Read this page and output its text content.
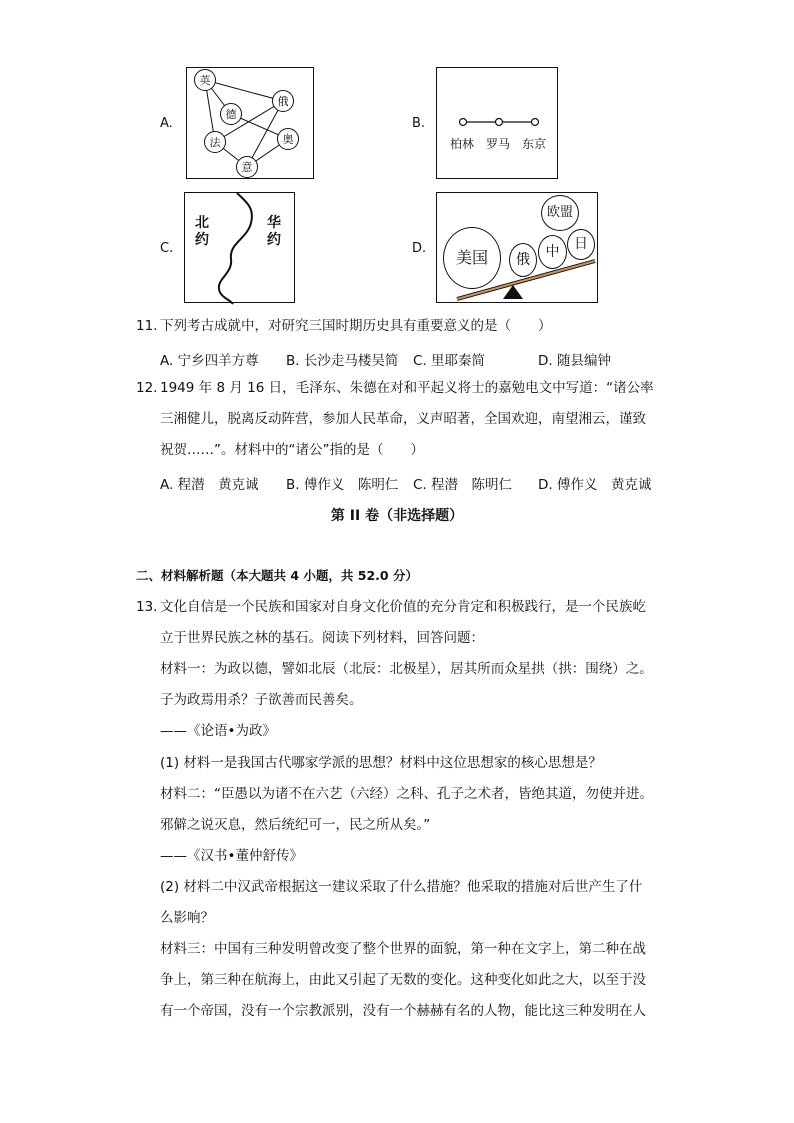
A.
英
德
俄
法	奥
意
B.
柏林 罗马 东京
C.
北约
华约
D.	美国	俄	中	日
欧盟
11. 下列考古成就中，对研究三国时期历史具有重要意义的是（　　）
A. 宁乡四羊方尊 B. 长沙走马楼吴简 C. 里耶秦简	D. 随县编钟
12. 1949 年 8 月 16 日，毛泽东、朱德在对和平起义将士的嘉勉电文中写道：“诸公率
三湘健儿，脱离反动阵营，参加人民革命，义声昭著，全国欢迎，南望湘云，谨致
祝贺……”。材料中的“诸公”指的是（　　）
A. 程潜　黄克诚 B. 傅作义　陈明仁 C. 程潜　陈明仁 D. 傅作义　黄克诚
第 II 卷（非选择题）
二、材料解析题（本大题共 4 小题，共 52.0 分）
13. 文化自信是一个民族和国家对自身文化价值的充分肯定和积极践行，是一个民族屹
立于世界民族之林的基石。阅读下列材料，回答问题：
材料一：为政以德，譬如北辰（北辰：北极星），居其所而众星拱（拱：围绕）之。
子为政焉用杀？子欲善而民善矣。
——《论语•为政》
(1) 材料一是我国古代哪家学派的思想？材料中这位思想家的核心思想是？
材料二：“臣愚以为诸不在六艺（六经）之科、孔子之术者，皆绝其道，勿使并进。
邪僻之说灭息，然后统纪可一，民之所从矣。”
——《汉书•董仲舒传》
(2) 材料二中汉武帝根据这一建议采取了什么措施？他采取的措施对后世产生了什
么影响？
材料三：中国有三种发明曾改变了整个世界的面貌，第一种在文字上，第二种在战
争上，第三种在航海上，由此又引起了无数的变化。这种变化如此之大，以至于没
有一个帝国，没有一个宗教派别，没有一个赫赫有名的人物，能比这三种发明在人
